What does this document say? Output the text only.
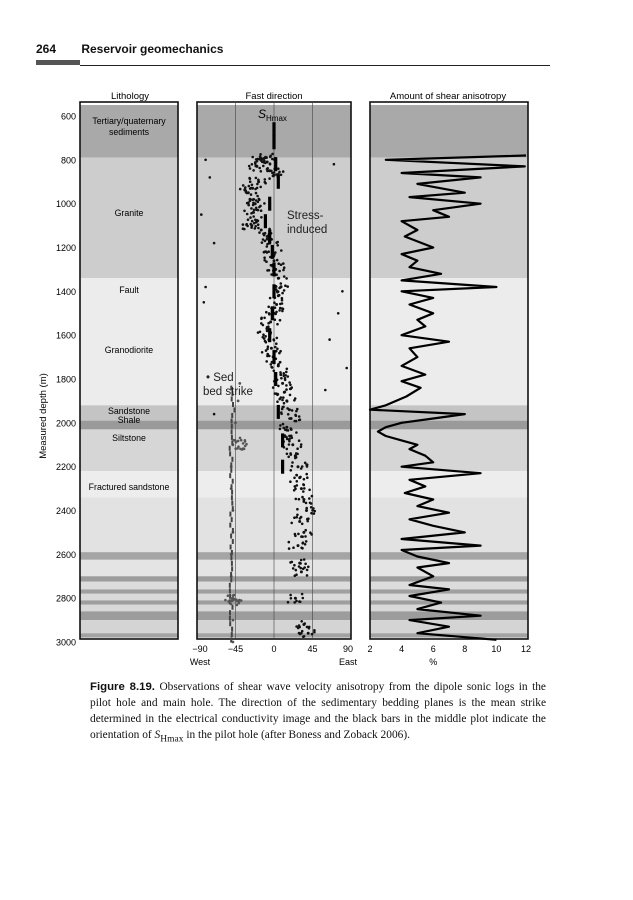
264 Reservoir geomechanics
Lithology	Fast direction	Amount of shear anisotropy
Measured depth (m)
600
800
1000
1200
1400
1600
1800
2000
2200
2400
2600
2800
3000
Tertiary/quaternary sediments
Granite
Fault
Granodiorite
Sandstone
Shale
Siltstone
Fractured sandstone
$S_{Hmax}$
Stress-
induced
• Sed
bed strike
−90 −45	0	45	90
West	East
2	4	6	8	10 12
%
Figure 8.19. Observations of shear wave velocity anisotropy from the dipole sonic logs in the pilot hole and main hole. The direction of the sedimentary bedding planes is the mean strike determined in the electrical conductivity image and the black bars in the middle plot indicate the orientation of $S_{Hmax}$ in the pilot hole (after Boness and Zoback 2006).
